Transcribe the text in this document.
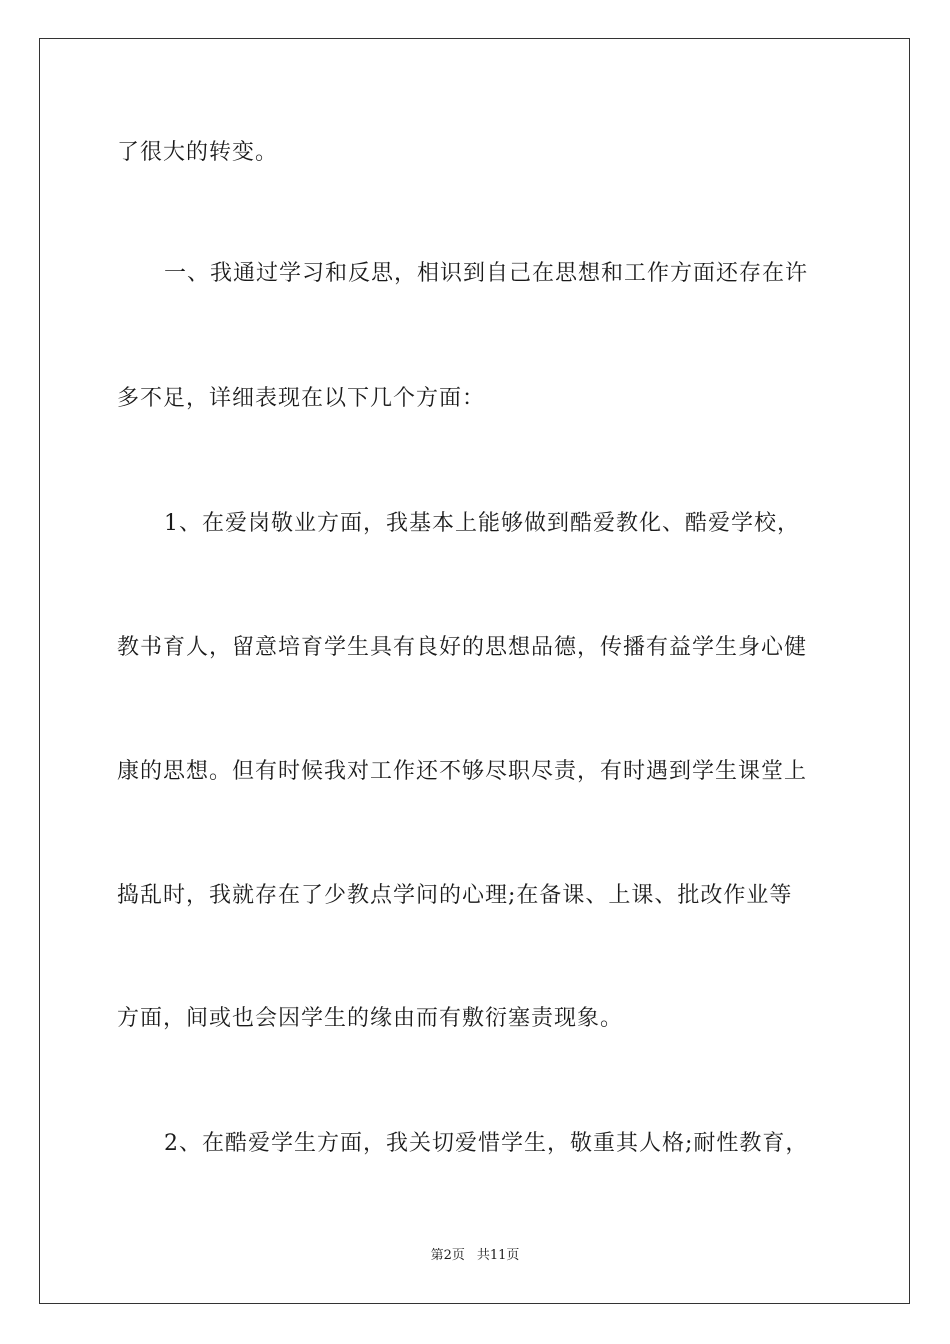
了很大的转变。
一、我通过学习和反思，相识到自己在思想和工作方面还存在许
多不足，详细表现在以下几个方面：
1、在爱岗敬业方面，我基本上能够做到酷爱教化、酷爱学校，
教书育人，留意培育学生具有良好的思想品德，传播有益学生身心健
康的思想。但有时候我对工作还不够尽职尽责，有时遇到学生课堂上
捣乱时，我就存在了少教点学问的心理;在备课、上课、批改作业等
方面，间或也会因学生的缘由而有敷衍塞责现象。
2、在酷爱学生方面，我关切爱惜学生，敬重其人格;耐性教育，
第2页 共11页
